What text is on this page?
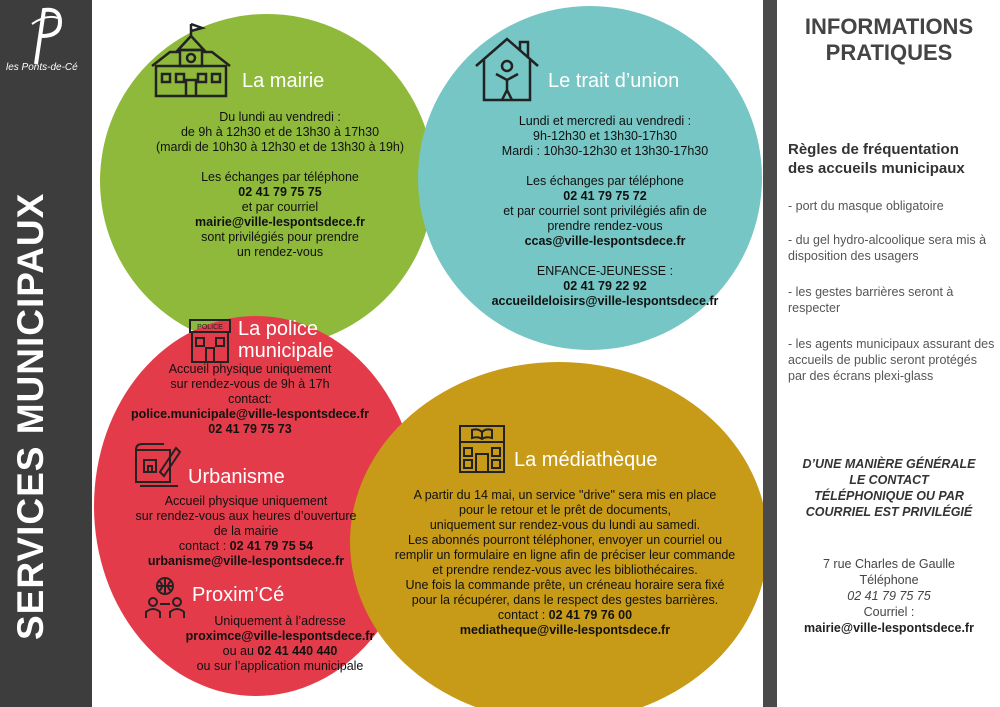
les Ponts-de-Cé
SERVICES MUNICIPAUX
La mairie
Du lundi au vendredi :
de 9h à 12h30 et de 13h30 à 17h30
(mardi de 10h30 à 12h30 et de 13h30 à 19h)
Les échanges par téléphone
02 41 79 75 75
et par courriel
mairie@ville-lespontsdece.fr
sont privilégiés pour prendre
un rendez-vous
Le trait d’union
Lundi et mercredi au vendredi :
9h-12h30 et 13h30-17h30
Mardi : 10h30-12h30 et 13h30-17h30
Les échanges par téléphone
02 41 79 75 72
et par courriel sont privilégiés afin de
prendre rendez-vous
ccas@ville-lespontsdece.fr
ENFANCE-JEUNESSE :
02 41 79 22 92
accueildeloisirs@ville-lespontsdece.fr
POLICE La police
municipale
Accueil physique uniquement
sur rendez-vous de 9h à 17h
contact:
police.municipale@ville-lespontsdece.fr
02 41 79 75 73
Urbanisme
Accueil physique uniquement
sur rendez-vous aux heures d’ouverture
de la mairie
contact : 02 41 79 75 54
urbanisme@ville-lespontsdece.fr
Proxim’Cé
Uniquement à l’adresse
proximce@ville-lespontsdece.fr
ou au 02 41 440 440
ou sur l’application municipale
La médiathèque
A partir du 14 mai, un service "drive" sera mis en place
pour le retour et le prêt de documents,
uniquement sur rendez-vous du lundi au samedi.
Les abonnés pourront téléphoner, envoyer un courriel ou
remplir un formulaire en ligne afin de préciser leur commande
et prendre rendez-vous avec les bibliothécaires.
Une fois la commande prête, un créneau horaire sera fixé
pour la récupérer, dans le respect des gestes barrières.
contact : 02 41 79 76 00
mediatheque@ville-lespontsdece.fr
INFORMATIONS
PRATIQUES
Règles de fréquentation
des accueils municipaux
- port du masque obligatoire
- du gel hydro-alcoolique sera mis à disposition des usagers
- les gestes barrières seront à respecter
- les agents municipaux assurant des accueils de public seront protégés par des écrans plexi-glass
D’UNE MANIÈRE GÉNÉRALE
LE CONTACT
TÉLÉPHONIQUE OU PAR
COURRIEL EST PRIVILÉGIÉ
7 rue Charles de Gaulle
Téléphone
02 41 79 75 75
Courriel :
mairie@ville-lespontsdece.fr
